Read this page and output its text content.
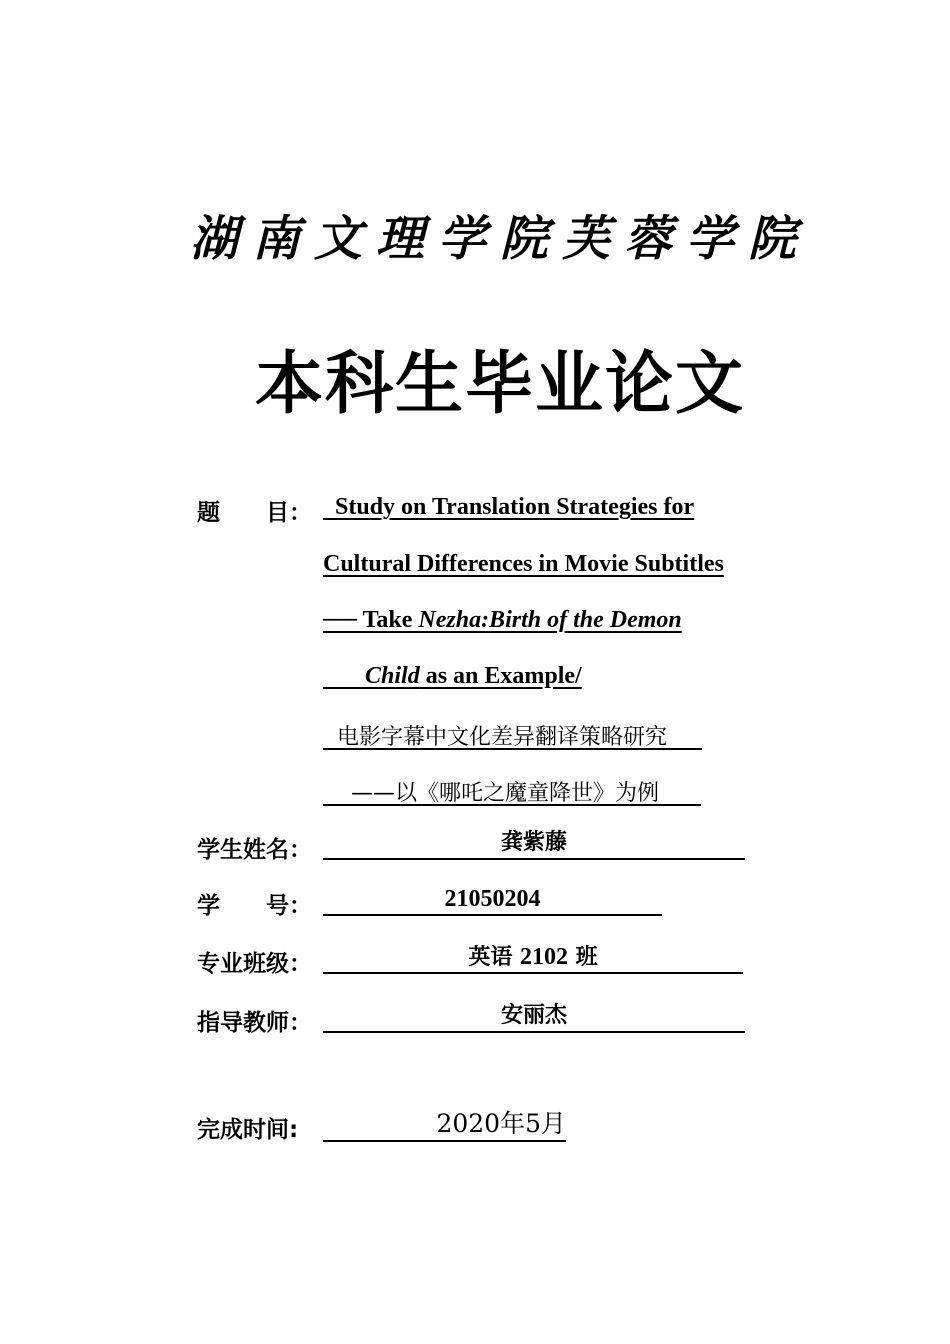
湖南文理学院芙蓉学院
本科生毕业论文
题　　目： Study on Translation Strategies for
Cultural Differences in Movie Subtitles
── Take Nezha:Birth of the Demon
Child as an Example/
电影字幕中文化差异翻译策略研究
——以《哪吒之魔童降世》为例
学生姓名：	龚紫藤
学　　号：	21050204
专业班级：	英语 2102 班
指导教师：	安丽杰
完成时间:	2020年5月
